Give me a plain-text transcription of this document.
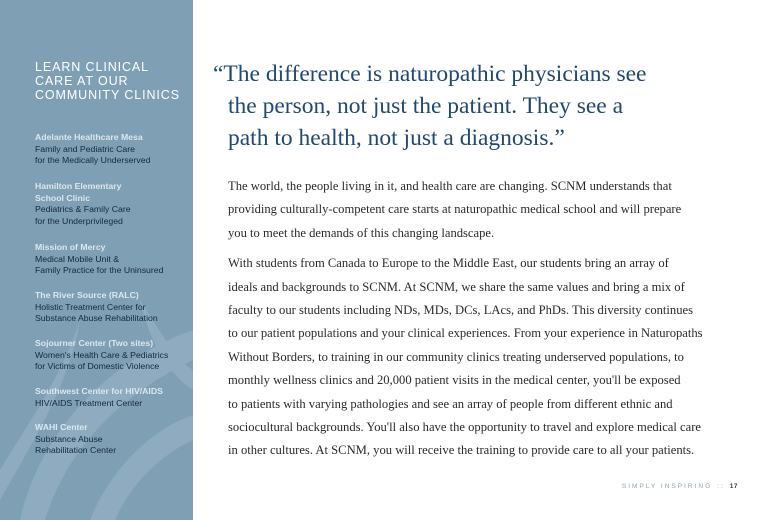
LEARN CLINICAL
CARE AT OUR
COMMUNITY CLINICS
Adelante Healthcare Mesa
Family and Pediatric Care
for the Medically Underserved
Hamilton Elementary
School Clinic
Pediatrics & Family Care
for the Underprivileged
Mission of Mercy
Medical Mobile Unit &
Family Practice for the Uninsured
The River Source (RALC)
Holistic Treatment Center for
Substance Abuse Rehabilitation
Sojourner Center (Two sites)
Women's Health Care & Pediatrics
for Victims of Domestic Violence
Southwest Center for HIV/AIDS
HIV/AIDS Treatment Center
WAHI Center
Substance Abuse
Rehabilitation Center
“The difference is naturopathic physicians see
the person, not just the patient. They see a
path to health, not just a diagnosis.”
The world, the people living in it, and health care are changing. SCNM understands that
providing culturally-competent care starts at naturopathic medical school and will prepare
you to meet the demands of this changing landscape.
With students from Canada to Europe to the Middle East, our students bring an array of
ideals and backgrounds to SCNM. At SCNM, we share the same values and bring a mix of
faculty to our students including NDs, MDs, DCs, LAcs, and PhDs. This diversity continues
to our patient populations and your clinical experiences. From your experience in Naturopaths
Without Borders, to training in our community clinics treating underserved populations, to
monthly wellness clinics and 20,000 patient visits in the medical center, you'll be exposed
to patients with varying pathologies and see an array of people from different ethnic and
sociocultural backgrounds. You'll also have the opportunity to travel and explore medical care
in other cultures. At SCNM, you will receive the training to provide care to all your patients.
SIMPLY INSPIRING :: 17
